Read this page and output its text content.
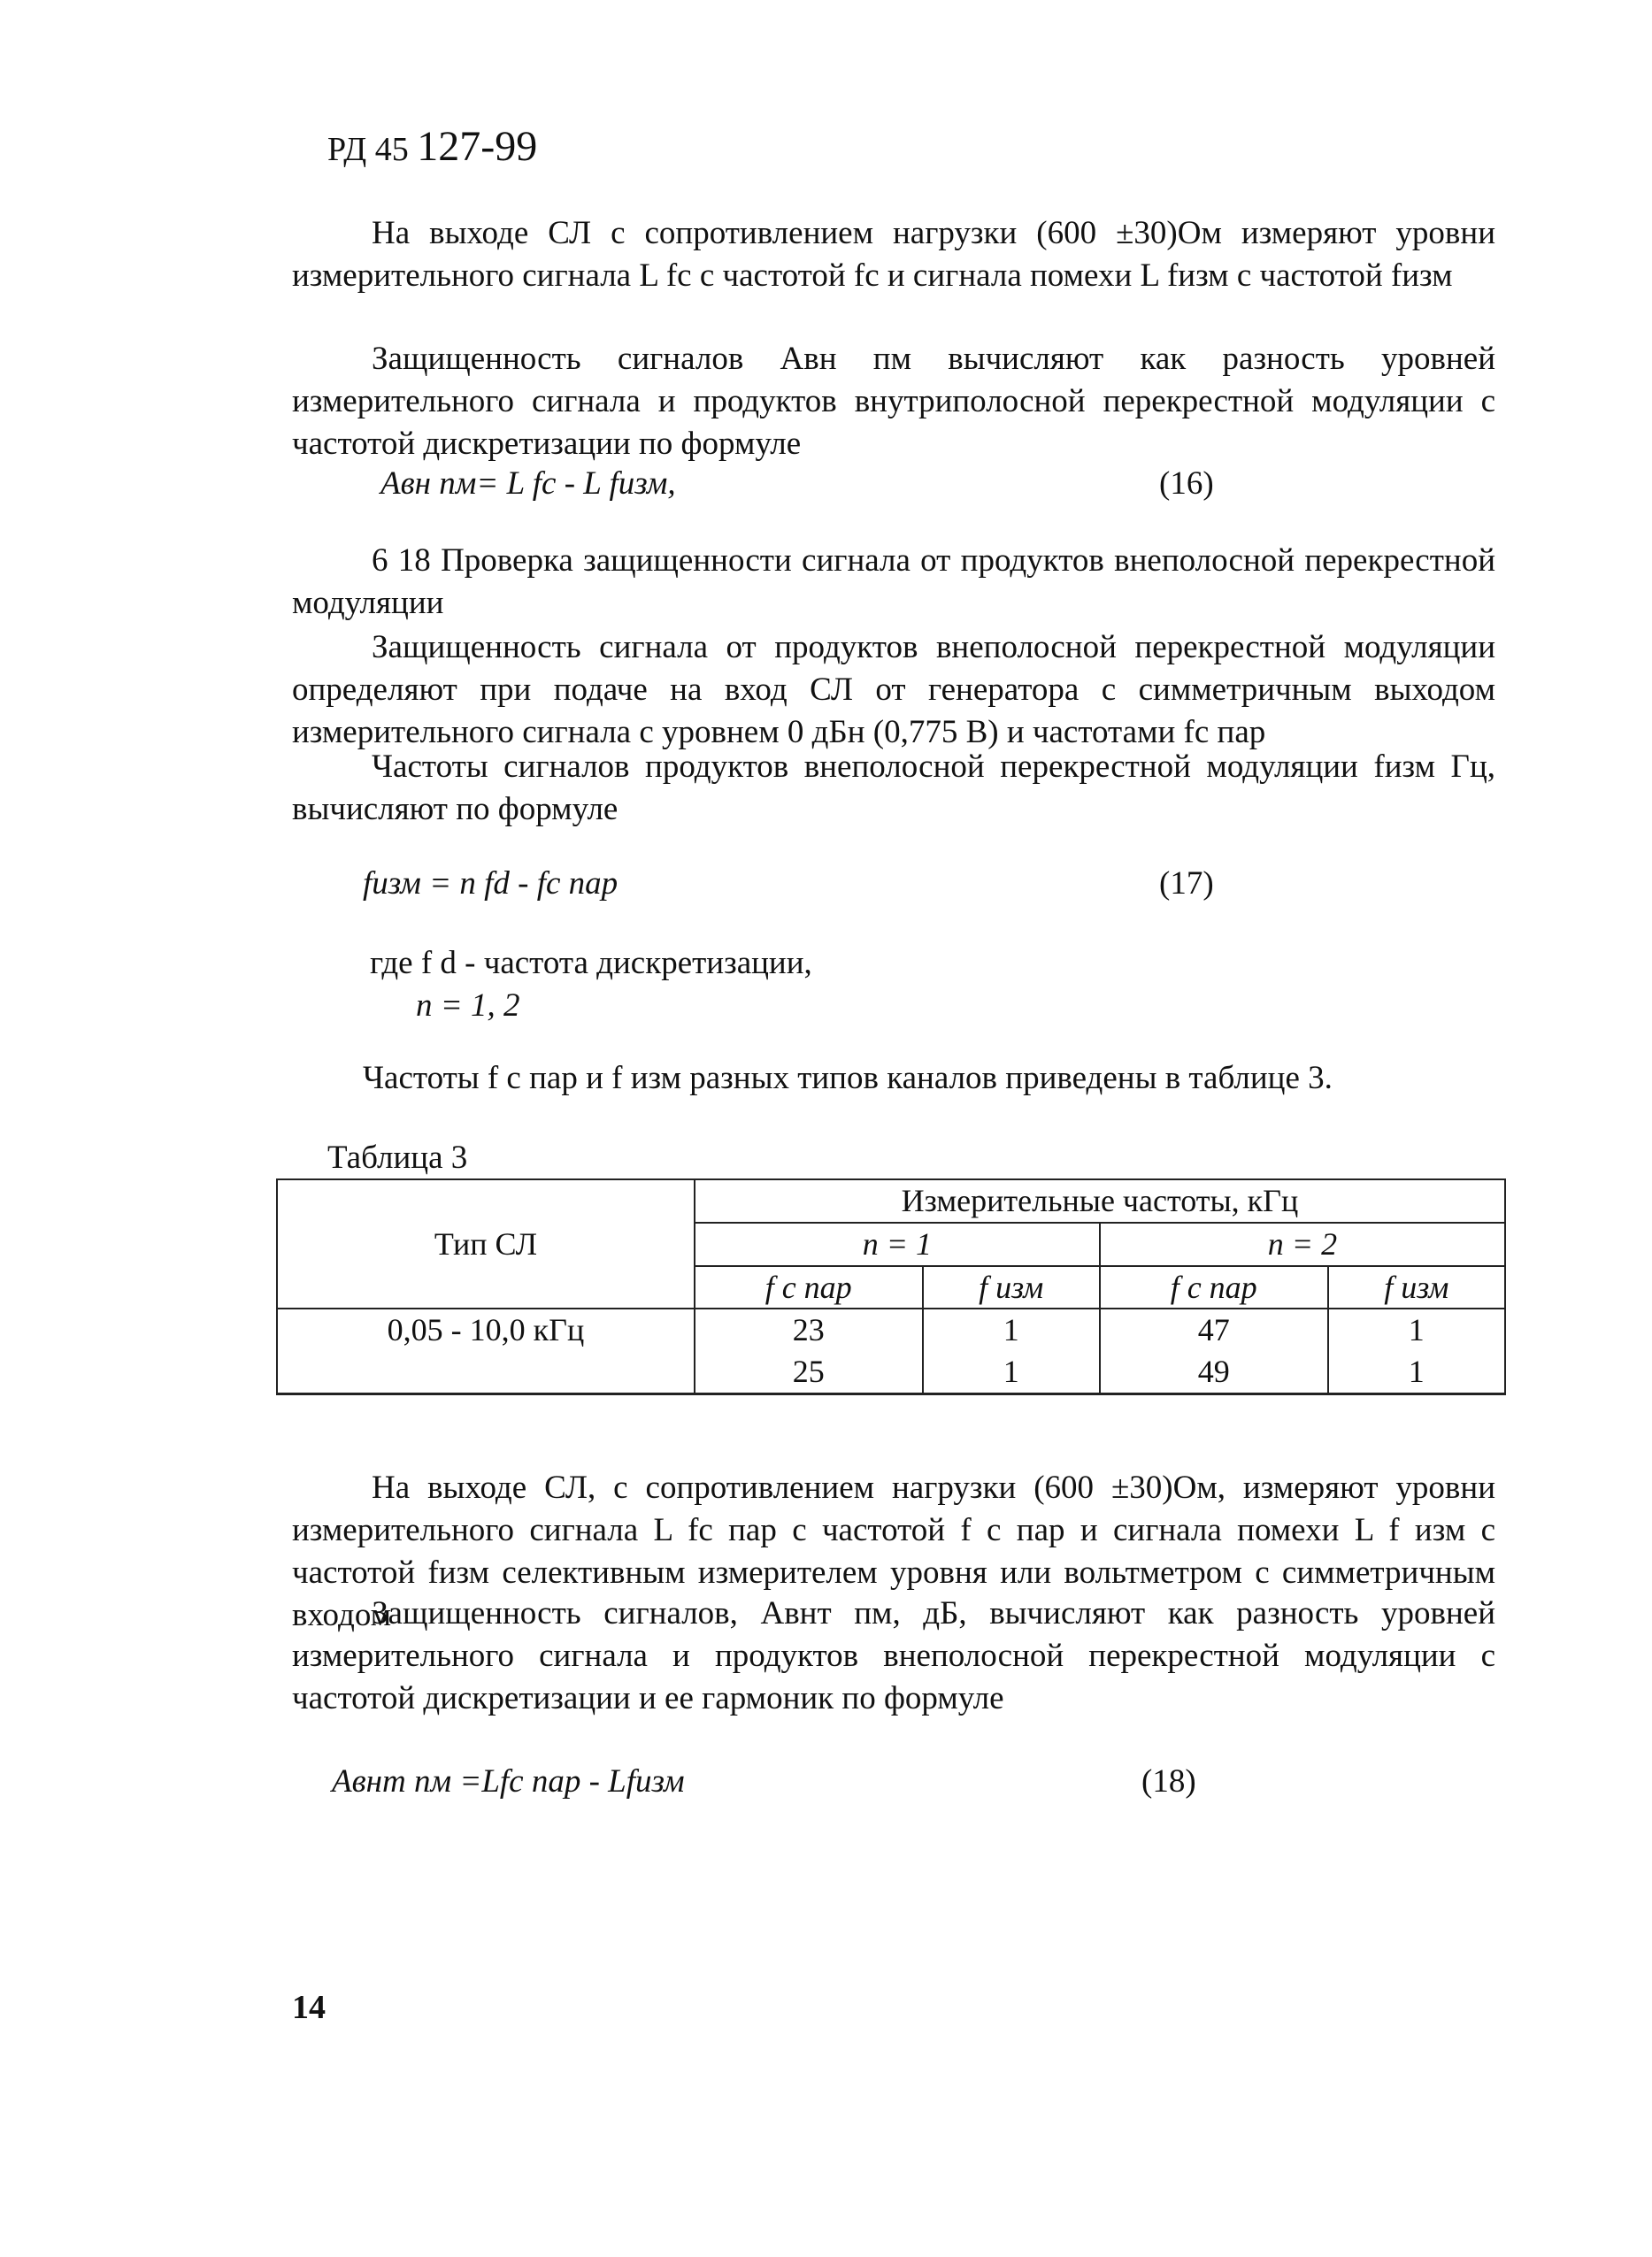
РД 45 127-99
На выходе СЛ с сопротивлением нагрузки (600 ±30)Ом измеряют уровни измерительного сигнала L fc с частотой fc и сигнала помехи L fизм с частотой fизм
Защищенность сигналов Авн пм вычисляют как разность уровней измерительного сигнала и продуктов внутриполосной перекрестной модуляции с частотой дискретизации по формуле
Авн пм= L fc - L fизм,	(16)
6 18 Проверка защищенности сигнала от продуктов внеполосной перекрестной модуляции
Защищенность сигнала от продуктов внеполосной перекрестной модуляции определяют при подаче на вход СЛ от генератора с симметричным выходом измерительного сигнала с уровнем 0 дБн (0,775 В) и частотами fc пар
Частоты сигналов продуктов внеполосной перекрестной модуляции fизм Гц, вычисляют по формуле
fизм = n fd - fc пар	(17)
где f d - частота дискретизации,
n = 1, 2
Частоты f c пар и f изм разных типов каналов приведены в таблице 3.
Таблица 3
Тип СЛ	Измерительные частоты, кГц			
	n = 1		n = 2	
	f с пар	f изм	f с пар	f изм
0,05 - 10,0 кГц	23	1	47	1
	25	1	49	1
На выходе СЛ, с сопротивлением нагрузки (600 ±30)Ом, измеряют уровни измерительного сигнала L fc пар с частотой f c пар и сигнала помехи L f изм с частотой fизм селективным измерителем уровня или вольтметром с симметричным входом
Защищенность сигналов, Авнт пм, дБ, вычисляют как разность уровней измерительного сигнала и продуктов внеполосной перекрестной модуляции с частотой дискретизации и ее гармоник по формуле
Авнт пм =Lfc пар - Lfизм	(18)
14
